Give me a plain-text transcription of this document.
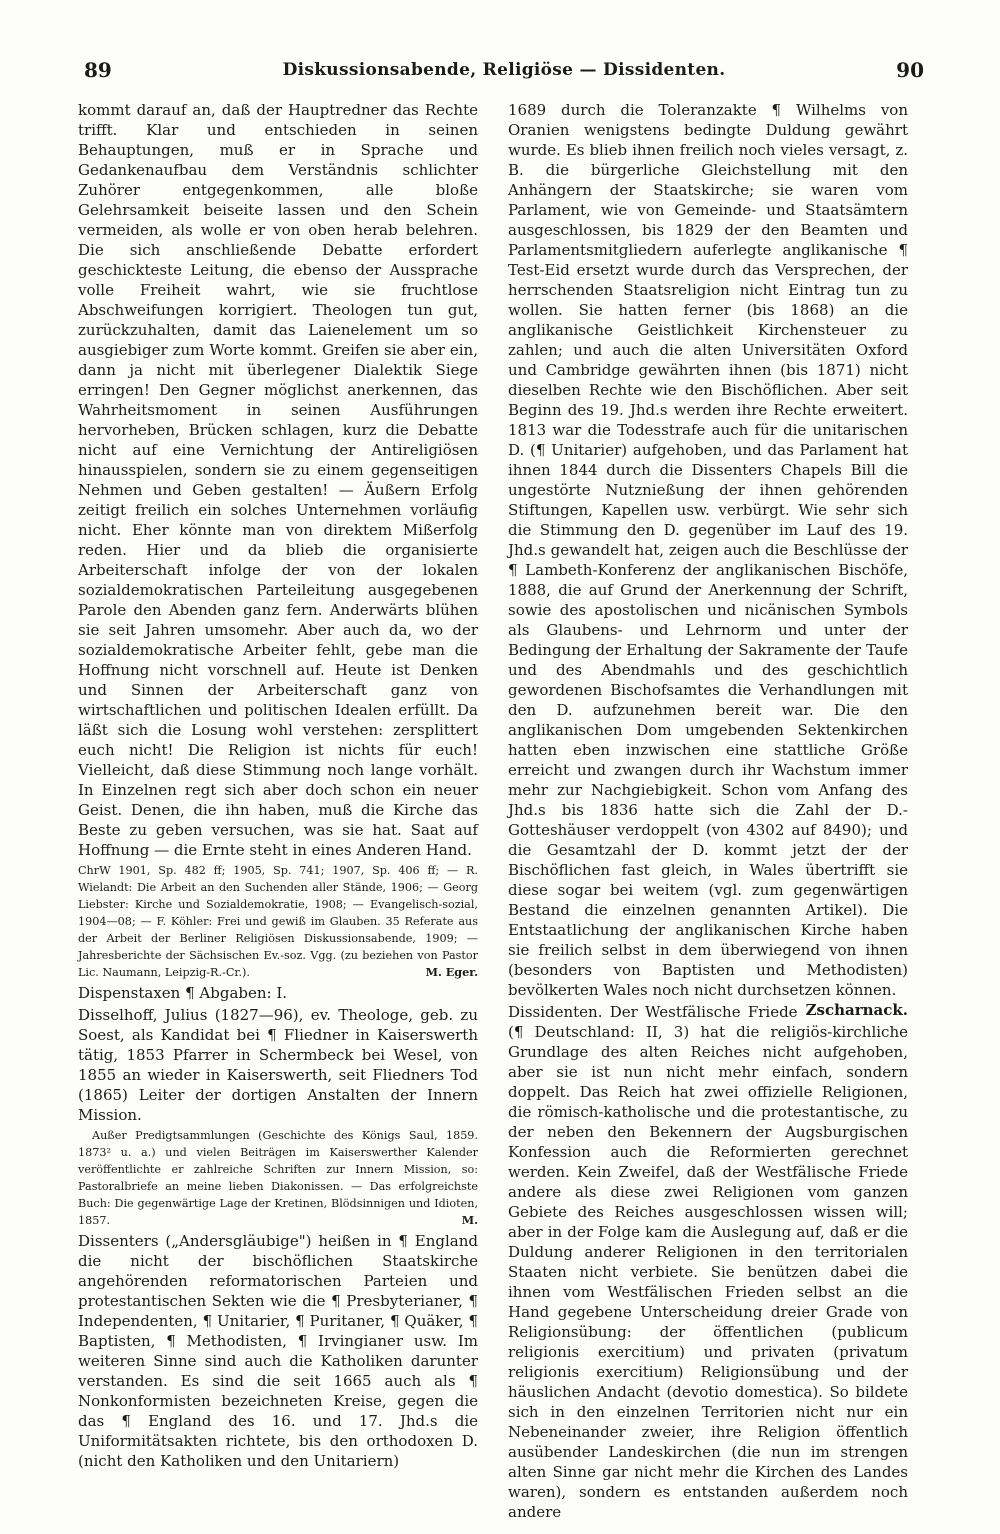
89	Diskussionsabende, Religiöse — Dissidenten.	90

kommt darauf an, daß der Hauptredner das Rechte trifft. Klar und entschieden in seinen Behauptungen, muß er in Sprache und Gedankenaufbau dem Verständnis schlichter Zuhörer entgegenkommen, alle bloße Gelehrsamkeit beiseite lassen und den Schein vermeiden, als wolle er von oben herab belehren. Die sich anschließende Debatte erfordert geschickteste Leitung, die ebenso der Aussprache volle Freiheit wahrt, wie sie fruchtlose Abschweifungen korrigiert. Theologen tun gut, zurückzuhalten, damit das Laienelement um so ausgiebiger zum Worte kommt. Greifen sie aber ein, dann ja nicht mit überlegener Dialektik Siege erringen! Den Gegner möglichst anerkennen, das Wahrheitsmoment in seinen Ausführungen hervorheben, Brücken schlagen, kurz die Debatte nicht auf eine Vernichtung der Antireligiösen hinausspielen, sondern sie zu einem gegenseitigen Nehmen und Geben gestalten! — Äußern Erfolg zeitigt freilich ein solches Unternehmen vorläufig nicht. Eher könnte man von direktem Mißerfolg reden. Hier und da blieb die organisierte Arbeiterschaft infolge der von der lokalen sozialdemokratischen Parteileitung ausgegebenen Parole den Abenden ganz fern. Anderwärts blühen sie seit Jahren umsomehr. Aber auch da, wo der sozialdemokratische Arbeiter fehlt, gebe man die Hoffnung nicht vorschnell auf. Heute ist Denken und Sinnen der Arbeiterschaft ganz von wirtschaftlichen und politischen Idealen erfüllt. Da läßt sich die Losung wohl verstehen: zersplittert euch nicht! Die Religion ist nichts für euch! Vielleicht, daß diese Stimmung noch lange vorhält. In Einzelnen regt sich aber doch schon ein neuer Geist. Denen, die ihn haben, muß die Kirche das Beste zu geben versuchen, was sie hat. Saat auf Hoffnung — die Ernte steht in eines Anderen Hand.

ChrW 1901, Sp. 482 ff; 1905, Sp. 741; 1907, Sp. 406 ff; — R. Wielandt: Die Arbeit an den Suchenden aller Stände, 1906; — Georg Liebster: Kirche und Sozialdemokratie, 1908; — Evangelisch-sozial, 1904—08; — F. Köhler: Frei und gewiß im Glauben. 35 Referate aus der Arbeit der Berliner Religiösen Diskussionsabende, 1909; — Jahresberichte der Sächsischen Ev.-soz. Vgg. (zu beziehen von Pastor Lic. Naumann, Leipzig-R.-Cr.).	M. Eger.

Dispenstaxen ¶ Abgaben: I.

Disselhoff, Julius (1827—96), ev. Theologe, geb. zu Soest, als Kandidat bei ¶ Fliedner in Kaiserswerth tätig, 1853 Pfarrer in Schermbeck bei Wesel, von 1855 an wieder in Kaiserswerth, seit Fliedners Tod (1865) Leiter der dortigen Anstalten der Innern Mission.

Außer Predigtsammlungen (Geschichte des Königs Saul, 1859. 1873² u. a.) und vielen Beiträgen im Kaiserswerther Kalender veröffentlichte er zahlreiche Schriften zur Innern Mission, so: Pastoralbriefe an meine lieben Diakonissen. — Das erfolgreichste Buch: Die gegenwärtige Lage der Kretinen, Blödsinnigen und Idioten, 1857.	M.

Dissenters („Andersgläubige") heißen in ¶ England die nicht der bischöflichen Staatskirche angehörenden reformatorischen Parteien und protestantischen Sekten wie die ¶ Presbyterianer, ¶ Independenten, ¶ Unitarier, ¶ Puritaner, ¶ Quäker, ¶ Baptisten, ¶ Methodisten, ¶ Irvingianer usw. Im weiteren Sinne sind auch die Katholiken darunter verstanden. Es sind die seit 1665 auch als ¶ Nonkonformisten bezeichneten Kreise, gegen die das ¶ England des 16. und 17. Jhd.s die Uniformitätsakten richtete, bis den orthodoxen D. (nicht den Katholiken und den Unitariern)

1689 durch die Toleranzakte ¶ Wilhelms von Oranien wenigstens bedingte Duldung gewährt wurde. Es blieb ihnen freilich noch vieles versagt, z. B. die bürgerliche Gleichstellung mit den Anhängern der Staatskirche; sie waren vom Parlament, wie von Gemeinde- und Staatsämtern ausgeschlossen, bis 1829 der den Beamten und Parlamentsmitgliedern auferlegte anglikanische ¶ Test-Eid ersetzt wurde durch das Versprechen, der herrschenden Staatsreligion nicht Eintrag tun zu wollen. Sie hatten ferner (bis 1868) an die anglikanische Geistlichkeit Kirchensteuer zu zahlen; und auch die alten Universitäten Oxford und Cambridge gewährten ihnen (bis 1871) nicht dieselben Rechte wie den Bischöflichen. Aber seit Beginn des 19. Jhd.s werden ihre Rechte erweitert. 1813 war die Todesstrafe auch für die unitarischen D. (¶ Unitarier) aufgehoben, und das Parlament hat ihnen 1844 durch die Dissenters Chapels Bill die ungestörte Nutznießung der ihnen gehörenden Stiftungen, Kapellen usw. verbürgt. Wie sehr sich die Stimmung den D. gegenüber im Lauf des 19. Jhd.s gewandelt hat, zeigen auch die Beschlüsse der ¶ Lambeth-Konferenz der anglikanischen Bischöfe, 1888, die auf Grund der Anerkennung der Schrift, sowie des apostolischen und nicänischen Symbols als Glaubens- und Lehrnorm und unter der Bedingung der Erhaltung der Sakramente der Taufe und des Abendmahls und des geschichtlich gewordenen Bischofsamtes die Verhandlungen mit den D. aufzunehmen bereit war. Die den anglikanischen Dom umgebenden Sektenkirchen hatten eben inzwischen eine stattliche Größe erreicht und zwangen durch ihr Wachstum immer mehr zur Nachgiebigkeit. Schon vom Anfang des Jhd.s bis 1836 hatte sich die Zahl der D.-Gotteshäuser verdoppelt (von 4302 auf 8490); und die Gesamtzahl der D. kommt jetzt der der Bischöflichen fast gleich, in Wales übertrifft sie diese sogar bei weitem (vgl. zum gegenwärtigen Bestand die einzelnen genannten Artikel). Die Entstaatlichung der anglikanischen Kirche haben sie freilich selbst in dem überwiegend von ihnen (besonders von Baptisten und Methodisten) bevölkerten Wales noch nicht durchsetzen können.
Zscharnack.

Dissidenten. Der Westfälische Friede (¶ Deutschland: II, 3) hat die religiös-kirchliche Grundlage des alten Reiches nicht aufgehoben, aber sie ist nun nicht mehr einfach, sondern doppelt. Das Reich hat zwei offizielle Religionen, die römisch-katholische und die protestantische, zu der neben den Bekennern der Augsburgischen Konfession auch die Reformierten gerechnet werden. Kein Zweifel, daß der Westfälische Friede andere als diese zwei Religionen vom ganzen Gebiete des Reiches ausgeschlossen wissen will; aber in der Folge kam die Auslegung auf, daß er die Duldung anderer Religionen in den territorialen Staaten nicht verbiete. Sie benützen dabei die ihnen vom Westfälischen Frieden selbst an die Hand gegebene Unterscheidung dreier Grade von Religionsübung: der öffentlichen (publicum religionis exercitium) und privaten (privatum religionis exercitium) Religionsübung und der häuslichen Andacht (devotio domestica). So bildete sich in den einzelnen Territorien nicht nur ein Nebeneinander zweier, ihre Religion öffentlich ausübender Landeskirchen (die nun im strengen alten Sinne gar nicht mehr die Kirchen des Landes waren), sondern es entstanden außerdem noch andere
